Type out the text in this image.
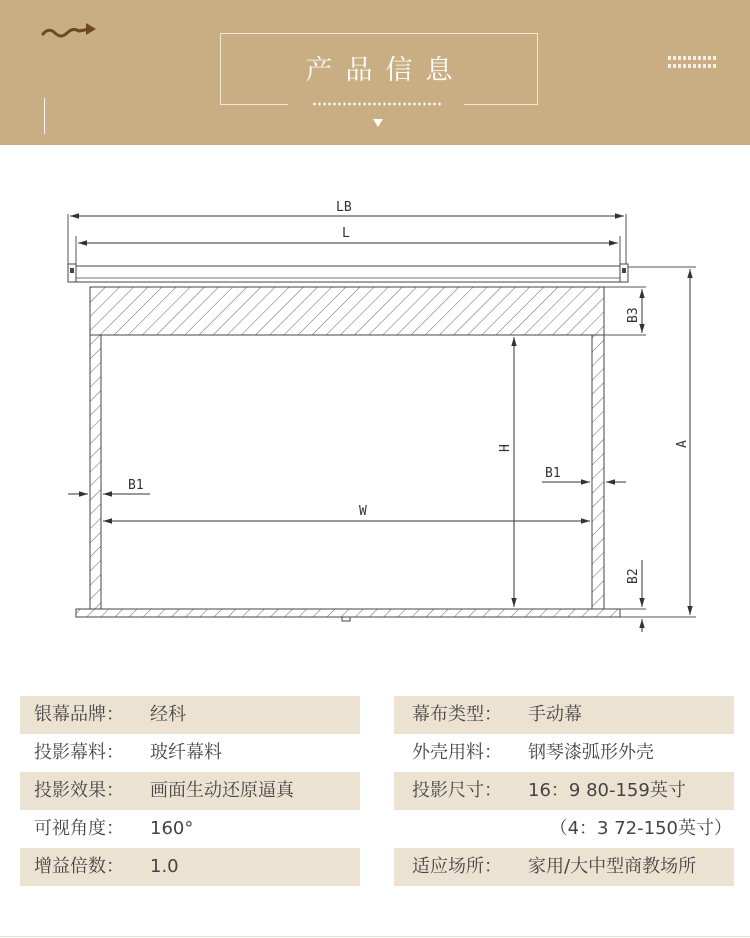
产品信息
LB
L
B3
A
H
B2
B1
B1
W
银幕品牌： 经科
投影幕料： 玻纤幕料
投影效果： 画面生动还原逼真
可视角度： 160°
增益倍数： 1.0
幕布类型： 手动幕
外壳用料： 钢琴漆弧形外壳
投影尺寸： 16：9 80-159英寸
（4：3 72-150英寸）
适应场所： 家用/大中型商教场所
